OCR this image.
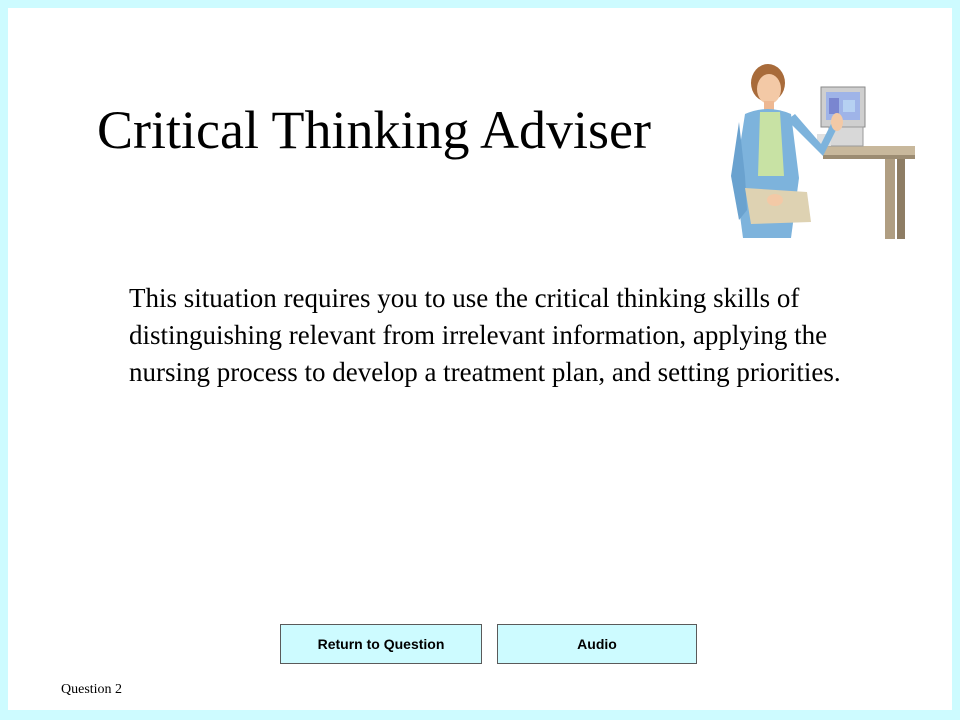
Critical Thinking Adviser

This situation requires you to use the critical thinking skills of distinguishing relevant from irrelevant information, applying the nursing process to develop a treatment plan, and setting priorities.

Return to Question	Audio
Question 2
